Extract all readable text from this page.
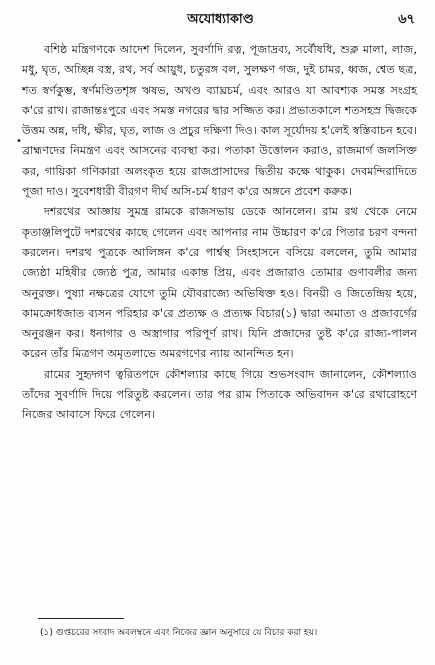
অযোধ্যাকাণ্ড	৬৭
•

বশিষ্ঠ মন্ত্রিগণকে আদেশ দিলেন, সুবর্ণাদি রত্ন, পূজাদ্রব্য, সর্বৌষধি, শুক্ল মালা, লাজ, মধু, ঘৃত, অচ্ছিন্ন বস্ত্র, রথ, সর্ব আয়ুধ, চতুরঙ্গ বল, সুলক্ষণ গজ, দুই চামর, ধ্বজ, শ্বেত ছত্র, শত স্বর্ণকুম্ভ, স্বর্ণমণ্ডিতশৃঙ্গ ঋষভ, অখণ্ড ব্যাঘ্রচর্ম, এবং আরও যা আবশ্যক সমস্ত সংগ্রহ ক'রে রাখ। রাজান্তঃপুরে এবং সমস্ত নগরের দ্বার সজ্জিত কর। প্রভাতকালে শতসহস্র দ্বিজকে উত্তম অন্ন, দধি, ক্ষীর, ঘৃত, লাজ ও প্রচুর দক্ষিণা দিও। কাল সূর্যোদয় হ'লেই স্বস্তিবাচন হবে। ব্রাহ্মণদের নিমন্ত্রণ এবং আসনের ব্যবস্থা কর। পতাকা উত্তোলন করাও, রাজমার্গ জলসিক্ত কর, গায়িকা গণিকারা অলংকৃত হয়ে রাজপ্রাসাদের দ্বিতীয় কক্ষে থাকুক। দেবমন্দিরাদিতে পূজা দাও। সুবেশধারী বীরগণ দীর্ঘ অসি-চর্ম ধারণ ক'রে অঙ্গনে প্রবেশ করুক।

দশরথের আজ্ঞায় সুমন্ত্র রামকে রাজসভায় ডেকে আনলেন। রাম রথ থেকে নেমে কৃতাঞ্জলিপুটে দশরথের কাছে গেলেন এবং আপনার নাম উচ্চারণ ক'রে পিতার চরণ বন্দনা করলেন। দশরথ পুত্রকে আলিঙ্গন ক'রে পার্শ্বস্থ সিংহাসনে বসিয়ে বললেন, তুমি আমার জ্যেষ্ঠা মহিষীর জ্যেষ্ঠ পুত্র, আমার একান্ত প্রিয়, এবং প্রজারাও তোমার গুণাবলীর জন্য অনুরক্ত। পুষ্যা নক্ষত্রের যোগে তুমি যৌবরাজ্যে অভিষিক্ত হও। বিনয়ী ও জিতেন্দ্রিয় হয়ে, কামক্রোধজাত ব্যসন পরিহার ক'রে প্রত্যক্ষ ও প্রত্যক্ষ বিচার(১) দ্বারা অমাত্য ও প্রজাবর্গের অনুরঞ্জন কর। ধনাগার ও অস্ত্রাগার পরিপূর্ণ রাখ। যিনি প্রজাদের তুষ্ট ক'রে রাজ্য-পালন করেন তাঁর মিত্রগণ অমৃতলাভে অমরগণের ন্যায় আনন্দিত হন।

রামের সুহৃদ্গণ ত্বরিতপদে কৌশল্যার কাছে গিয়ে শুভসংবাদ জানালেন, কৌশল্যাও তাঁদের সুবর্ণাদি দিয়ে পরিতুষ্ট করলেন। তার পর রাম পিতাকে অভিবাদন ক'রে রথারোহণে নিজের আবাসে ফিরে গেলেন।

(১) গুপ্তচরের সংবাদ অবলম্বনে এবং নিজের জ্ঞান অনুসারে যে বিচার করা হয়।
